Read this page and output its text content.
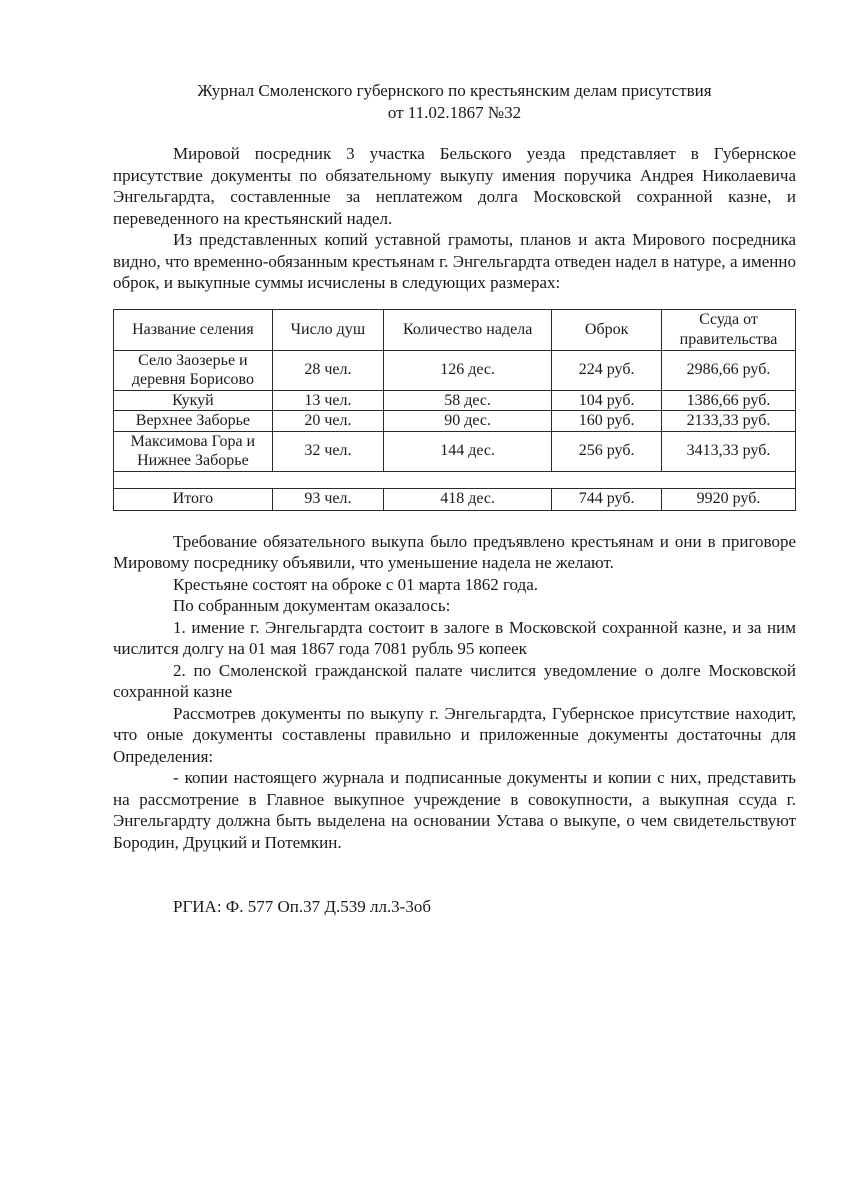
Журнал Смоленского губернского по крестьянским делам присутствия
от 11.02.1867 №32

Мировой посредник 3 участка Бельского уезда представляет в Губернское присутствие документы по обязательному выкупу имения поручика Андрея Николаевича Энгельгардта, составленные за неплатежом долга Московской сохранной казне, и переведенного на крестьянский надел.

Из представленных копий уставной грамоты, планов и акта Мирового посредника видно, что временно-обязанным крестьянам г. Энгельгардта отведен надел в натуре, а именно оброк, и выкупные суммы исчислены в следующих размерах:

Название селения	Число душ	Количество надела	Оброк	Ссуда от правительства
Село Заозерье и деревня Борисово	28 чел.	126 дес.	224 руб.	2986,66 руб.
Кукуй	13 чел.	58 дес.	104 руб.	1386,66 руб.
Верхнее Заборье	20 чел.	90 дес.	160 руб.	2133,33 руб.
Максимова Гора и Нижнее Заборье	32 чел.	144 дес.	256 руб.	3413,33 руб.

Итого	93 чел.	418 дес.	744 руб.	9920 руб.

Требование обязательного выкупа было предъявлено крестьянам и они в приговоре Мировому посреднику объявили, что уменьшение надела не желают.

Крестьяне состоят на оброке с 01 марта 1862 года.

По собранным документам оказалось:

1. имение г. Энгельгардта состоит в залоге в Московской сохранной казне, и за ним числится долгу на 01 мая 1867 года 7081 рубль 95 копеек

2. по Смоленской гражданской палате числится уведомление о долге Московской сохранной казне

Рассмотрев документы по выкупу г. Энгельгардта, Губернское присутствие находит, что оные документы составлены правильно и приложенные документы достаточны для Определения:

- копии настоящего журнала и подписанные документы и копии с них, представить на рассмотрение в Главное выкупное учреждение в совокупности, а выкупная ссуда г. Энгельгардту должна быть выделена на основании Устава о выкупе, о чем свидетельствуют Бородин, Друцкий и Потемкин.

РГИА: Ф. 577 Оп.37 Д.539 лл.3-3об
